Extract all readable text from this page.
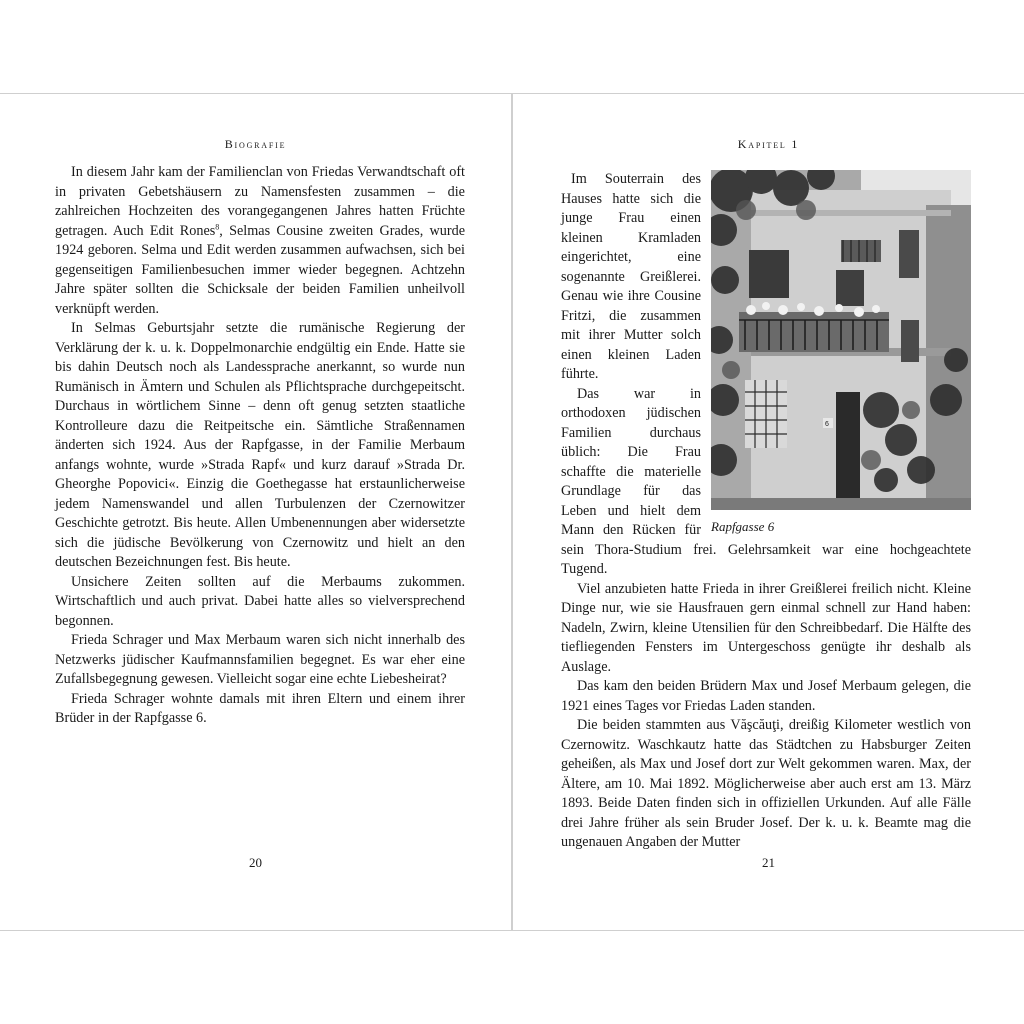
Biografie

In diesem Jahr kam der Familienclan von Friedas Verwandtschaft oft in privaten Gebetshäusern zu Namensfesten zusammen – die zahlreichen Hochzeiten des vorangegangenen Jahres hatten Früchte getragen. Auch Edit Rones$^8$, Selmas Cousine zweiten Grades, wurde 1924 geboren. Selma und Edit werden zusammen aufwachsen, sich bei gegenseitigen Familienbesuchen immer wieder begegnen. Achtzehn Jahre später sollten die Schicksale der beiden Familien unheilvoll verknüpft werden.

In Selmas Geburtsjahr setzte die rumänische Regierung der Verklärung der k. u. k. Doppelmonarchie endgültig ein Ende. Hatte sie bis dahin Deutsch noch als Landessprache anerkannt, so wurde nun Rumänisch in Ämtern und Schulen als Pflichtsprache durchgepeitscht. Durchaus in wörtlichem Sinne – denn oft genug setzten staatliche Kontrolleure dazu die Reitpeitsche ein. Sämtliche Straßennamen änderten sich 1924. Aus der Rapfgasse, in der Familie Merbaum anfangs wohnte, wurde »Strada Rapf« und kurz darauf »Strada Dr. Gheorghe Popovici«. Einzig die Goethegasse hat erstaunlicherweise jedem Namenswandel und allen Turbulenzen der Czernowitzer Geschichte getrotzt. Bis heute. Allen Umbenennungen aber widersetzte sich die jüdische Bevölkerung von Czernowitz und hielt an den deutschen Bezeichnungen fest. Bis heute.

Unsichere Zeiten sollten auf die Merbaums zukommen. Wirtschaftlich und auch privat. Dabei hatte alles so vielversprechend begonnen.

Frieda Schrager und Max Merbaum waren sich nicht innerhalb des Netzwerks jüdischer Kaufmannsfamilien begegnet. Es war eher eine Zufallsbegegnung gewesen. Vielleicht sogar eine echte Liebesheirat?

Frieda Schrager wohnte damals mit ihren Eltern und einem ihrer Brüder in der Rapfgasse 6.

20
Kapitel 1
6
Rapfgasse 6

Im Souterrain des Hauses hatte sich die junge Frau einen kleinen Kramladen eingerichtet, eine sogenannte Greißlerei. Genau wie ihre Cousine Fritzi, die zusammen mit ihrer Mutter solch einen kleinen Laden führte.

Das war in orthodoxen jüdischen Familien durchaus üblich: Die Frau schaffte die materielle Grundlage für das Leben und hielt dem Mann den Rücken für sein Thora-Studium frei. Gelehrsamkeit war eine hochgeachtete Tugend.

Viel anzubieten hatte Frieda in ihrer Greißlerei freilich nicht. Kleine Dinge nur, wie sie Hausfrauen gern einmal schnell zur Hand haben: Nadeln, Zwirn, kleine Utensilien für den Schreibbedarf. Die Hälfte des tiefliegenden Fensters im Untergeschoss genügte ihr deshalb als Auslage.

Das kam den beiden Brüdern Max und Josef Merbaum gelegen, die 1921 eines Tages vor Friedas Laden standen.

Die beiden stammten aus Văşcăuţi, dreißig Kilometer westlich von Czernowitz. Waschkautz hatte das Städtchen zu Habsburger Zeiten geheißen, als Max und Josef dort zur Welt gekommen waren. Max, der Ältere, am 10. Mai 1892. Möglicherweise aber auch erst am 13. März 1893. Beide Daten finden sich in offiziellen Urkunden. Auf alle Fälle drei Jahre früher als sein Bruder Josef. Der k. u. k. Beamte mag die ungenauen Angaben der Mutter

21
